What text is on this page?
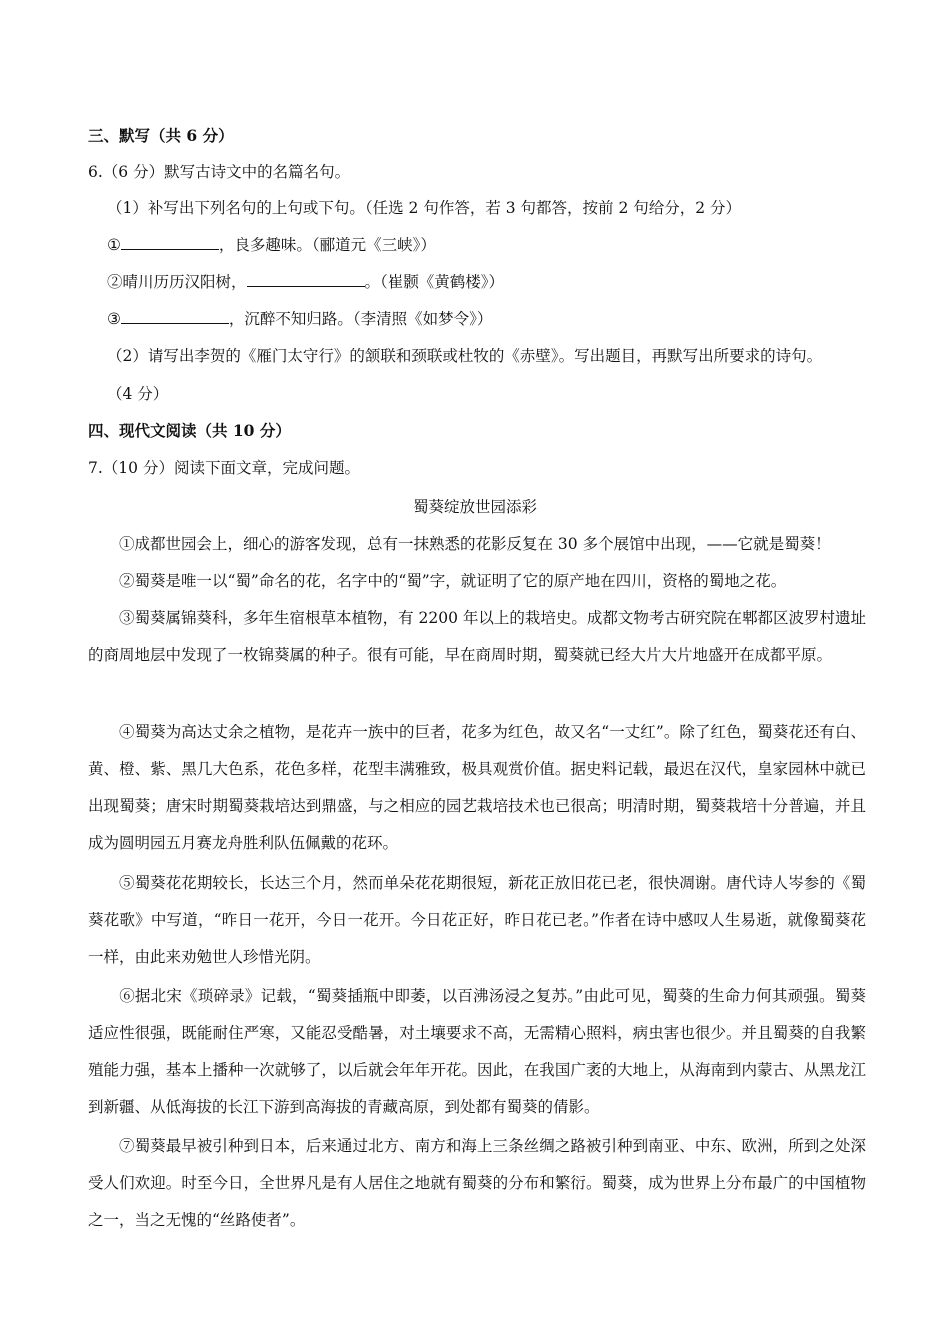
三、默写（共 6 分）
6.（6 分）默写古诗文中的名篇名句。
（1）补写出下列名句的上句或下句。（任选 2 句作答，若 3 句都答，按前 2 句给分，2 分）
①	，良多趣味。（郦道元《三峡》）
②晴川历历汉阳树，	。（崔颢《黄鹤楼》）
③	，沉醉不知归路。（李清照《如梦令》）
（2）请写出李贺的《雁门太守行》的颔联和颈联或杜牧的《赤壁》。写出题目，再默写出所要求的诗句。
（4 分）
四、现代文阅读（共 10 分）
7.（10 分）阅读下面文章，完成问题。
蜀葵绽放世园添彩
①成都世园会上，细心的游客发现，总有一抹熟悉的花影反复在 30 多个展馆中出现，——它就是蜀葵！
②蜀葵是唯一以“蜀”命名的花，名字中的“蜀”字，就证明了它的原产地在四川，资格的蜀地之花。
③蜀葵属锦葵科，多年生宿根草本植物，有 2200 年以上的栽培史。成都文物考古研究院在郫都区波罗村遗址的商周地层中发现了一枚锦葵属的种子。很有可能，早在商周时期，蜀葵就已经大片大片地盛开在成都平原。
④蜀葵为高达丈余之植物，是花卉一族中的巨者，花多为红色，故又名“一丈红”。除了红色，蜀葵花还有白、黄、橙、紫、黑几大色系，花色多样，花型丰满雅致，极具观赏价值。据史料记载，最迟在汉代，皇家园林中就已出现蜀葵；唐宋时期蜀葵栽培达到鼎盛，与之相应的园艺栽培技术也已很高；明清时期，蜀葵栽培十分普遍，并且成为圆明园五月赛龙舟胜利队伍佩戴的花环。
⑤蜀葵花花期较长，长达三个月，然而单朵花花期很短，新花正放旧花已老，很快凋谢。唐代诗人岑参的《蜀葵花歌》中写道，“昨日一花开，今日一花开。今日花正好，昨日花已老。”作者在诗中感叹人生易逝，就像蜀葵花一样，由此来劝勉世人珍惜光阴。
⑥据北宋《琐碎录》记载，“蜀葵插瓶中即萎，以百沸汤浸之复苏。”由此可见，蜀葵的生命力何其顽强。蜀葵适应性很强，既能耐住严寒，又能忍受酷暑，对土壤要求不高，无需精心照料，病虫害也很少。并且蜀葵的自我繁殖能力强，基本上播种一次就够了，以后就会年年开花。因此，在我国广袤的大地上，从海南到内蒙古、从黑龙江到新疆、从低海拔的长江下游到高海拔的青藏高原，到处都有蜀葵的倩影。
⑦蜀葵最早被引种到日本，后来通过北方、南方和海上三条丝绸之路被引种到南亚、中东、欧洲，所到之处深受人们欢迎。时至今日，全世界凡是有人居住之地就有蜀葵的分布和繁衍。蜀葵，成为世界上分布最广的中国植物之一，当之无愧的“丝路使者”。
